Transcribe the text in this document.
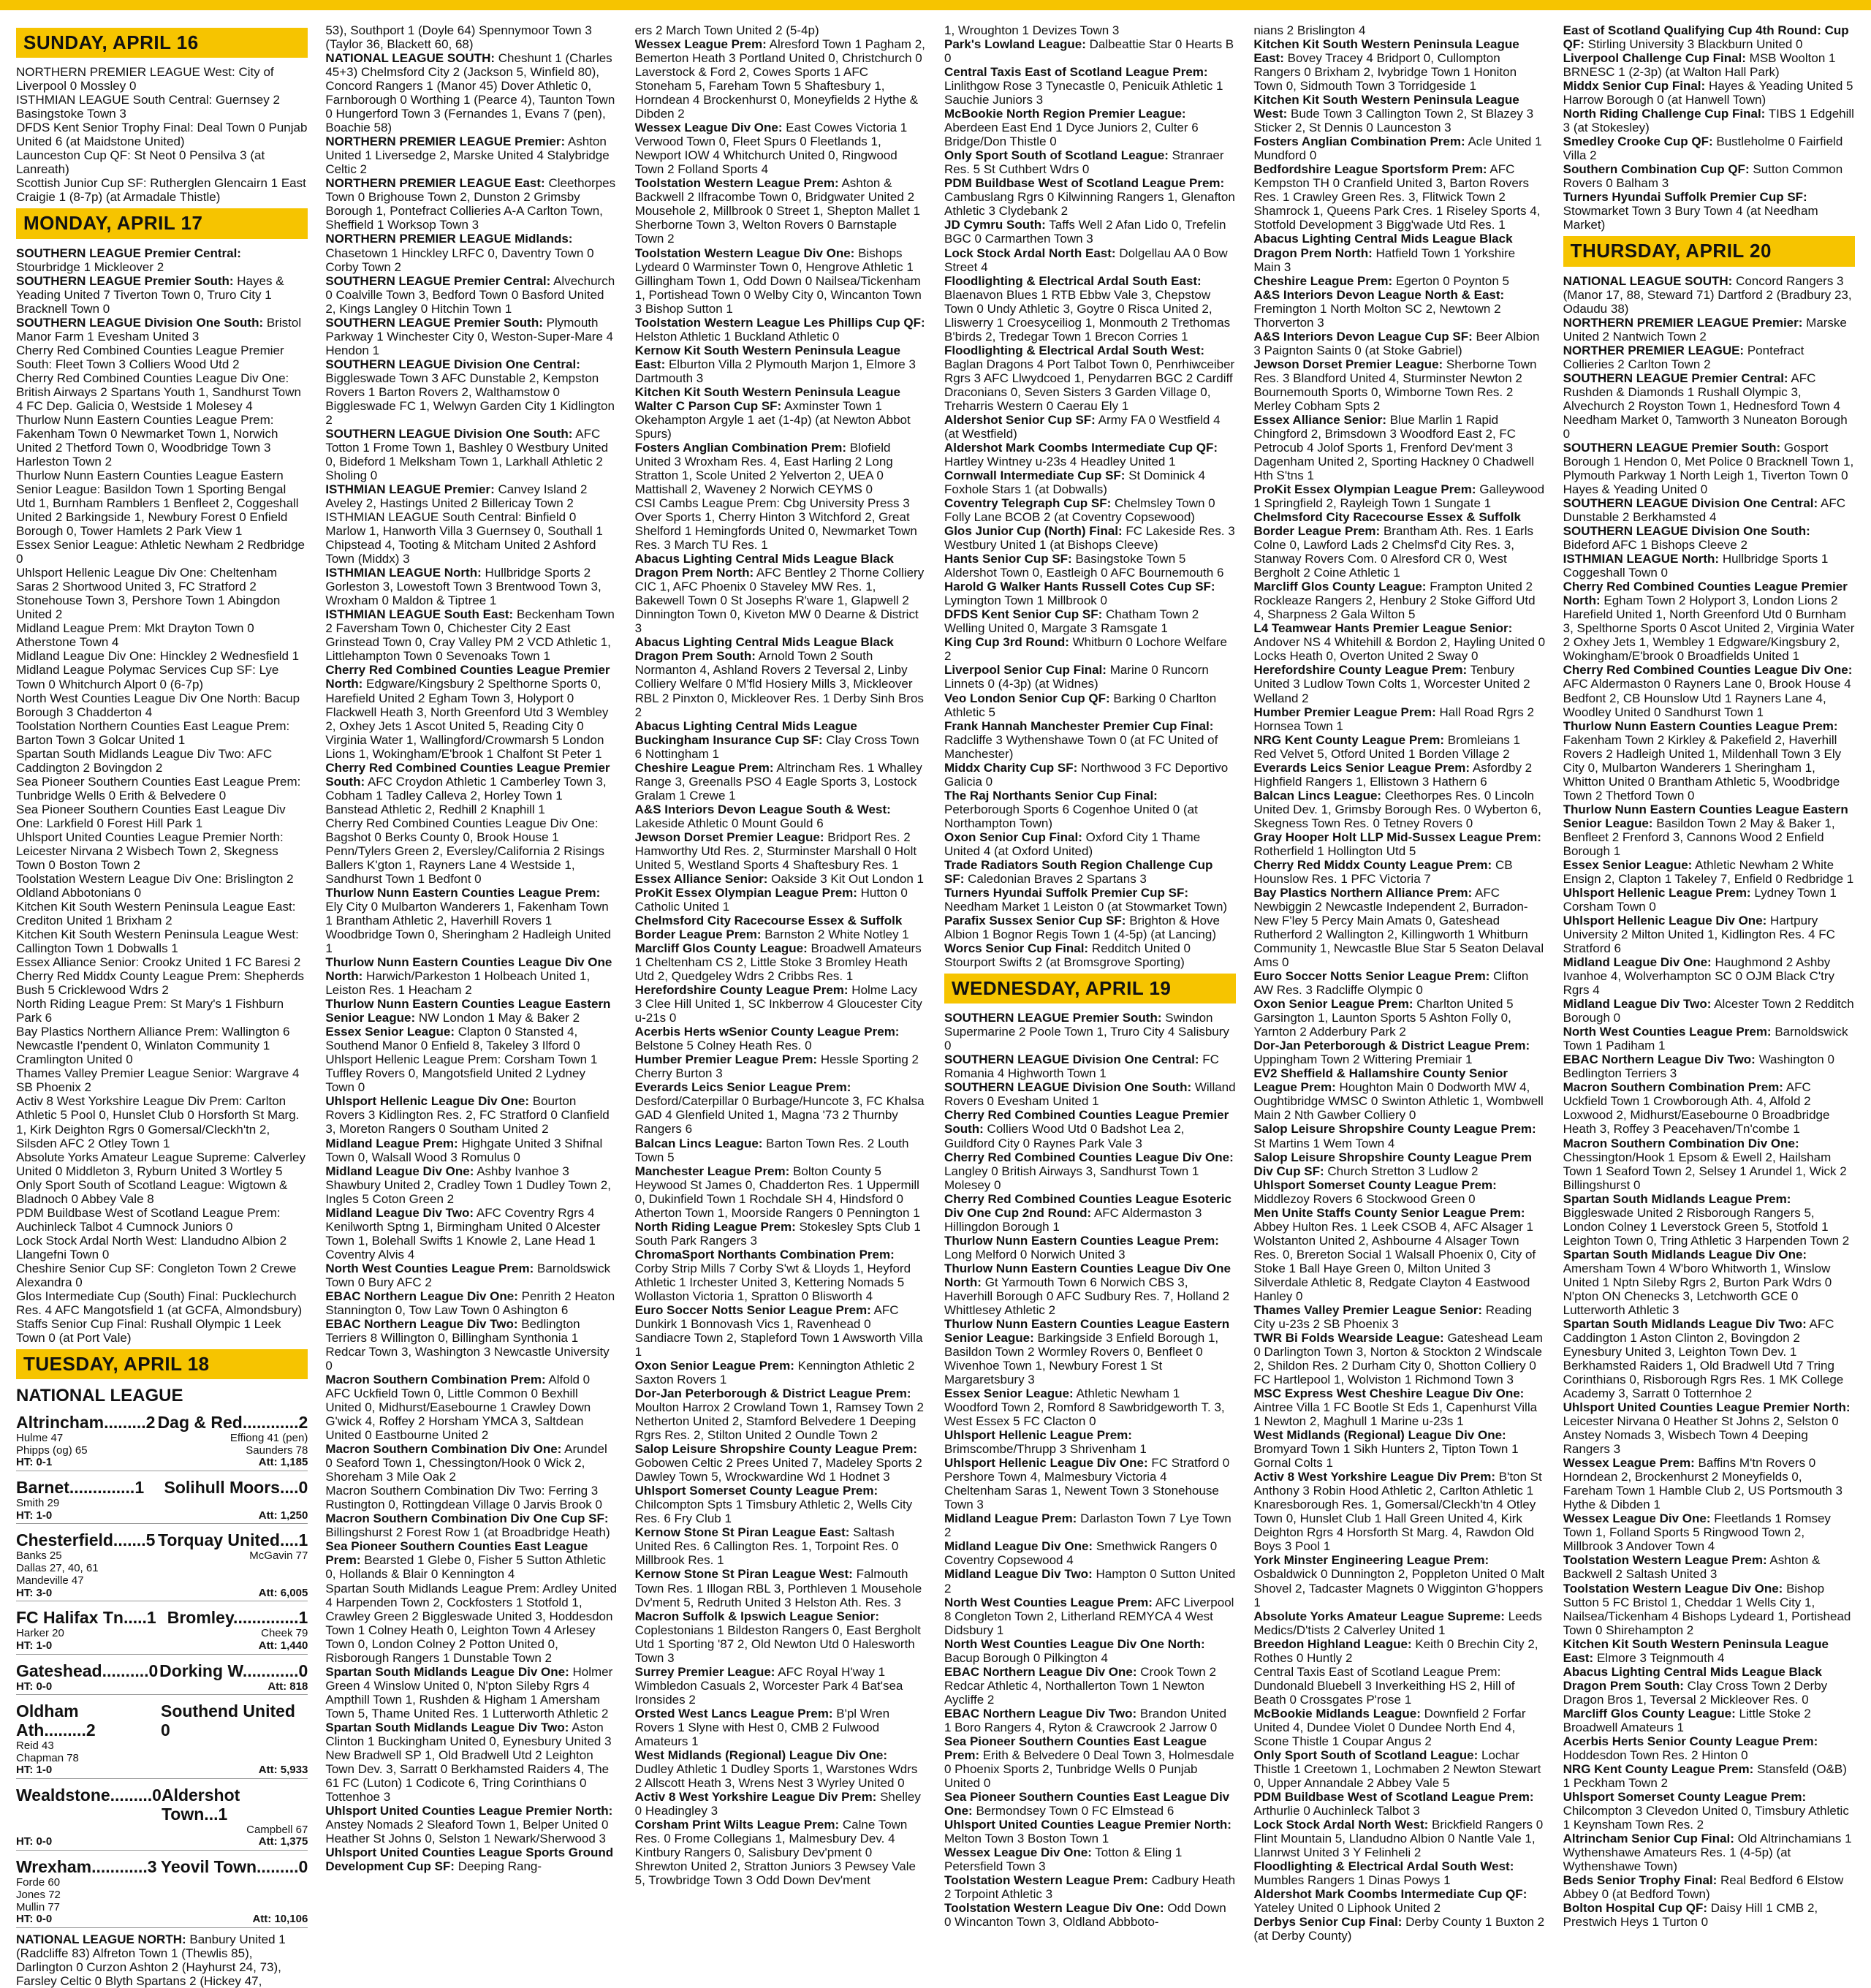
SUNDAY, APRIL 16

NORTHERN PREMIER LEAGUE West: City of Liverpool 0 Mossley 0

ISTHMIAN LEAGUE South Central: Guernsey 2 Basingstoke Town 3

DFDS Kent Senior Trophy Final: Deal Town 0 Punjab United 6 (at Maidstone United)

Launceston Cup QF: St Neot 0 Pensilva 3 (at Lanreath)

Scottish Junior Cup SF: Rutherglen Glencairn 1 East Craigie 1 (8-7p) (at Armadale Thistle)

MONDAY, APRIL 17

SOUTHERN LEAGUE Premier Central: Stourbridge 1 Mickleover 2

SOUTHERN LEAGUE Premier South: Hayes & Yeading United 7 Tiverton Town 0, Truro City 1 Bracknell Town 0

SOUTHERN LEAGUE Division One South: Bristol Manor Farm 1 Evesham United 3

Cherry Red Combined Counties League Premier South: Fleet Town 3 Colliers Wood Utd 2

Cherry Red Combined Counties League Div One: British Airways 2 Spartans Youth 1, Sandhurst Town 4 FC Dep. Galicia 0, Westside 1 Molesey 4

Thurlow Nunn Eastern Counties League Prem: Fakenham Town 0 Newmarket Town 1, Norwich United 2 Thetford Town 0, Woodbridge Town 3 Harleston Town 2

Thurlow Nunn Eastern Counties League Eastern Senior League: Basildon Town 1 Sporting Bengal Utd 1, Burnham Ramblers 1 Benfleet 2, Coggeshall United 2 Barkingside 1, Newbury Forest 0 Enfield Borough 0, Tower Hamlets 2 Park View 1

Essex Senior League: Athletic Newham 2 Redbridge 0

Uhlsport Hellenic League Div One: Cheltenham Saras 2 Shortwood United 3, FC Stratford 2 Stonehouse Town 3, Pershore Town 1 Abingdon United 2

Midland League Prem: Mkt Drayton Town 0 Atherstone Town 4

Midland League Div One: Hinckley 2 Wednesfield 1

Midland League Polymac Services Cup SF: Lye Town 0 Whitchurch Alport 0 (6-7p)

North West Counties League Div One North: Bacup Borough 3 Chadderton 4

Toolstation Northern Counties East League Prem: Barton Town 3 Golcar United 1

Spartan South Midlands League Div Two: AFC Caddington 2 Bovingdon 2

Sea Pioneer Southern Counties East League Prem: Tunbridge Wells 0 Erith & Belvedere 0

Sea Pioneer Southern Counties East League Div One: Larkfield 0 Forest Hill Park 1

Uhlsport United Counties League Premier North: Leicester Nirvana 2 Wisbech Town 2, Skegness Town 0 Boston Town 2

Toolstation Western League Div One: Brislington 2 Oldland Abbotonians 0

Kitchen Kit South Western Peninsula League East: Crediton United 1 Brixham 2

Kitchen Kit South Western Peninsula League West: Callington Town 1 Dobwalls 1

Essex Alliance Senior: Crookz United 1 FC Baresi 2

Cherry Red Middx County League Prem: Shepherds Bush 5 Cricklewood Wdrs 2

North Riding League Prem: St Mary's 1 Fishburn Park 6

Bay Plastics Northern Alliance Prem: Wallington 6 Newcastle I'pendent 0, Winlaton Community 1 Cramlington United 0

Thames Valley Premier League Senior: Wargrave 4 SB Phoenix 2

Activ 8 West Yorkshire League Div Prem: Carlton Athletic 5 Pool 0, Hunslet Club 0 Horsforth St Marg. 1, Kirk Deighton Rgrs 0 Gomersal/Cleckh'tn 2, Silsden AFC 2 Otley Town 1

Absolute Yorks Amateur League Supreme: Calverley United 0 Middleton 3, Ryburn United 3 Wortley 5

Only Sport South of Scotland League: Wigtown & Bladnoch 0 Abbey Vale 8

PDM Buildbase West of Scotland League Prem: Auchinleck Talbot 4 Cumnock Juniors 0

Lock Stock Ardal North West: Llandudno Albion 2 Llangefni Town 0

Cheshire Senior Cup SF: Congleton Town 2 Crewe Alexandra 0

Glos Intermediate Cup (South) Final: Pucklechurch Res. 4 AFC Mangotsfield 1 (at GCFA, Almondsbury)

Staffs Senior Cup Final: Rushall Olympic 1 Leek Town 0 (at Port Vale)

TUESDAY, APRIL 18
NATIONAL LEAGUE
Altrincham.........2 Dag & Red............2
Hulme 47
Phipps (og) 65
Effiong 41 (pen)
Saunders 78
HT: 0-1	Att: 1,185
Barnet..............1 Solihull Moors....0
Smith 29
HT: 1-0	Att: 1,250
Chesterfield.......5 Torquay United....1
Banks 25
Dallas 27, 40, 61
Mandeville 47
McGavin 77
HT: 3-0	Att: 6,005
FC Halifax Tn.....1 Bromley..............1
Harker 20	Cheek 79
HT: 1-0	Att: 1,440
Gateshead..........0 Dorking W............0
HT: 0-0	Att: 818
Oldham Ath.........2
Southend United 0
Reid 43
Chapman 78
HT: 1-0	Att: 5,933
Wealdstone.........0 Aldershot Town...1
Campbell 67
HT: 0-0	Att: 1,375
Wrexham............3 Yeovil Town.........0
Forde 60
Jones 72
Mullin 77
HT: 0-0	Att: 10,106

NATIONAL LEAGUE NORTH: Banbury United 1 (Radcliffe 83) Alfreton Town 1 (Thewlis 85), Darlington 0 Curzon Ashton 2 (Hayhurst 24, 73), Farsley Celtic 0 Blyth Spartans 2 (Hickey 47,

53), Southport 1 (Doyle 64) Spennymoor Town 3 (Taylor 36, Blackett 60, 68)

NATIONAL LEAGUE SOUTH: Cheshunt 1 (Charles 45+3) Chelmsford City 2 (Jackson 5, Winfield 80), Concord Rangers 1 (Manor 45) Dover Athletic 0, Farnborough 0 Worthing 1 (Pearce 4), Taunton Town 0 Hungerford Town 3 (Fernandes 1, Evans 7 (pen), Boachie 58)

NORTHERN PREMIER LEAGUE Premier: Ashton United 1 Liversedge 2, Marske United 4 Stalybridge Celtic 2

NORTHERN PREMIER LEAGUE East: Cleethorpes Town 0 Brighouse Town 2, Dunston 2 Grimsby Borough 1, Pontefract Collieries A-A Carlton Town, Sheffield 1 Worksop Town 3

NORTHERN PREMIER LEAGUE Midlands: Chasetown 1 Hinckley LRFC 0, Daventry Town 0 Corby Town 2

SOUTHERN LEAGUE Premier Central: Alvechurch 0 Coalville Town 3, Bedford Town 0 Basford United 2, Kings Langley 0 Hitchin Town 1

SOUTHERN LEAGUE Premier South: Plymouth Parkway 1 Winchester City 0, Weston-Super-Mare 4 Hendon 1

SOUTHERN LEAGUE Division One Central: Biggleswade Town 3 AFC Dunstable 2, Kempston Rovers 1 Barton Rovers 2, Walthamstow 0 Biggleswade FC 1, Welwyn Garden City 1 Kidlington 2

SOUTHERN LEAGUE Division One South: AFC Totton 1 Frome Town 1, Bashley 0 Westbury United 0, Bideford 1 Melksham Town 1, Larkhall Athletic 2 Sholing 0

ISTHMIAN LEAGUE Premier: Canvey Island 2 Aveley 2, Hastings United 2 Billericay Town 2

ISTHMIAN LEAGUE South Central: Binfield 0 Marlow 1, Hanworth Villa 3 Guernsey 0, Southall 1 Chipstead 4, Tooting & Mitcham United 2 Ashford Town (Middx) 3

ISTHMIAN LEAGUE North: Hullbridge Sports 2 Gorleston 3, Lowestoft Town 3 Brentwood Town 3, Wroxham 0 Maldon & Tiptree 1

ISTHMIAN LEAGUE South East: Beckenham Town 2 Faversham Town 0, Chichester City 2 East Grinstead Town 0, Cray Valley PM 2 VCD Athletic 1, Littlehampton Town 0 Sevenoaks Town 1

Cherry Red Combined Counties League Premier North: Edgware/Kingsbury 2 Spelthorne Sports 0, Harefield United 2 Egham Town 3, Holyport 0 Flackwell Heath 3, North Greenford Utd 3 Wembley 2, Oxhey Jets 1 Ascot United 5, Reading City 0 Virginia Water 1, Wallingford/Crowmarsh 5 London Lions 1, Wokingham/E'brook 1 Chalfont St Peter 1

Cherry Red Combined Counties League Premier South: AFC Croydon Athletic 1 Camberley Town 3, Cobham 1 Tadley Calleva 2, Horley Town 1 Banstead Athletic 2, Redhill 2 Knaphill 1

Cherry Red Combined Counties League Div One: Bagshot 0 Berks County 0, Brook House 1 Penn/Tylers Green 2, Eversley/California 2 Risings Ballers K'gton 1, Rayners Lane 4 Westside 1, Sandhurst Town 1 Bedfont 0

Thurlow Nunn Eastern Counties League Prem: Ely City 0 Mulbarton Wanderers 1, Fakenham Town 1 Brantham Athletic 2, Haverhill Rovers 1 Woodbridge Town 0, Sheringham 2 Hadleigh United 1

Thurlow Nunn Eastern Counties League Div One North: Harwich/Parkeston 1 Holbeach United 1, Leiston Res. 1 Heacham 2

Thurlow Nunn Eastern Counties League Eastern Senior League: NW London 1 May & Baker 2

Essex Senior League: Clapton 0 Stansted 4, Southend Manor 0 Enfield 8, Takeley 3 Ilford 0

Uhlsport Hellenic League Prem: Corsham Town 1 Tuffley Rovers 0, Mangotsfield United 2 Lydney Town 0

Uhlsport Hellenic League Div One: Bourton Rovers 3 Kidlington Res. 2, FC Stratford 0 Clanfield 3, Moreton Rangers 0 Southam United 2

Midland League Prem: Highgate United 3 Shifnal Town 0, Walsall Wood 3 Romulus 0

Midland League Div One: Ashby Ivanhoe 3 Shawbury United 2, Cradley Town 1 Dudley Town 2, Ingles 5 Coton Green 2

Midland League Div Two: AFC Coventry Rgrs 4 Kenilworth Sptng 1, Birmingham United 0 Alcester Town 1, Bolehall Swifts 1 Knowle 2, Lane Head 1 Coventry Alvis 4

North West Counties League Prem: Barnoldswick Town 0 Bury AFC 2

EBAC Northern League Div One: Penrith 2 Heaton Stannington 0, Tow Law Town 0 Ashington 6

EBAC Northern League Div Two: Bedlington Terriers 8 Willington 0, Billingham Synthonia 1 Redcar Town 3, Washington 3 Newcastle University 0

Macron Southern Combination Prem: Alfold 0 AFC Uckfield Town 0, Little Common 0 Bexhill United 0, Midhurst/Easebourne 1 Crawley Down G'wick 4, Roffey 2 Horsham YMCA 3, Saltdean United 0 Eastbourne United 2

Macron Southern Combination Div One: Arundel 0 Seaford Town 1, Chessington/Hook 0 Wick 2, Shoreham 3 Mile Oak 2

Macron Southern Combination Div Two: Ferring 3 Rustington 0, Rottingdean Village 0 Jarvis Brook 0

Macron Southern Combination Div One Cup SF: Billingshurst 2 Forest Row 1 (at Broadbridge Heath)

Sea Pioneer Southern Counties East League Prem: Bearsted 1 Glebe 0, Fisher 5 Sutton Athletic 0, Hollands & Blair 0 Kennington 4

Spartan South Midlands League Prem: Ardley United 4 Harpenden Town 2, Cockfosters 1 Stotfold 1, Crawley Green 2 Biggleswade United 3, Hoddesdon Town 1 Colney Heath 0, Leighton Town 4 Arlesey Town 0, London Colney 2 Potton United 0, Risborough Rangers 1 Dunstable Town 2

Spartan South Midlands League Div One: Holmer Green 4 Winslow United 0, N'pton Sileby Rgrs 4 Ampthill Town 1, Rushden & Higham 1 Amersham Town 5, Thame United Res. 1 Lutterworth Athletic 2

Spartan South Midlands League Div Two: Aston Clinton 1 Buckingham United 0, Eynesbury United 3 New Bradwell SP 1, Old Bradwell Utd 2 Leighton Town Dev. 3, Sarratt 0 Berkhamsted Raiders 4, The 61 FC (Luton) 1 Codicote 6, Tring Corinthians 0 Tottenhoe 3

Uhlsport United Counties League Premier North: Anstey Nomads 2 Sleaford Town 1, Belper United 0 Heather St Johns 0, Selston 1 Newark/Sherwood 3

Uhlsport United Counties League Sports Ground Development Cup SF: Deeping Rang-

ers 2 March Town United 2 (5-4p)

Wessex League Prem: Alresford Town 1 Pagham 2, Bemerton Heath 3 Portland United 0, Christchurch 0 Laverstock & Ford 2, Cowes Sports 1 AFC Stoneham 5, Fareham Town 5 Shaftesbury 1, Horndean 4 Brockenhurst 0, Moneyfields 2 Hythe & Dibden 2

Wessex League Div One: East Cowes Victoria 1 Verwood Town 0, Fleet Spurs 0 Fleetlands 1, Newport IOW 4 Whitchurch United 0, Ringwood Town 2 Folland Sports 4

Toolstation Western League Prem: Ashton & Backwell 2 Ilfracombe Town 0, Bridgwater United 2 Mousehole 2, Millbrook 0 Street 1, Shepton Mallet 1 Sherborne Town 3, Welton Rovers 0 Barnstaple Town 2

Toolstation Western League Div One: Bishops Lydeard 0 Warminster Town 0, Hengrove Athletic 1 Gillingham Town 1, Odd Down 0 Nailsea/Tickenham 1, Portishead Town 0 Welby City 0, Wincanton Town 3 Bishop Sutton 1

Toolstation Western League Les Phillips Cup QF: Helston Athletic 1 Buckland Athletic 0

Kernow Kit South Western Peninsula League East: Elburton Villa 2 Plymouth Marjon 1, Elmore 3 Dartmouth 3

Kitchen Kit South Western Peninsula League Walter C Parson Cup SF: Axminster Town 1 Okehampton Argyle 1 aet (1-4p) (at Newton Abbot Spurs)

Fosters Anglian Combination Prem: Blofield United 3 Wroxham Res. 4, East Harling 2 Long Stratton 1, Scole United 2 Yelverton 2, UEA 0 Mattishall 2, Waveney 2 Norwich CEYMS 0

CSI Cambs League Prem: Cbg University Press 3 Over Sports 1, Cherry Hinton 3 Witchford 2, Great Shelford 1 Hemingfords United 0, Newmarket Town Res. 3 March TU Res. 1

Abacus Lighting Central Mids League Black Dragon Prem North: AFC Bentley 2 Thorne Colliery CIC 1, AFC Phoenix 0 Staveley MW Res. 1, Bakewell Town 0 St Josephs R'ware 1, Glapwell 2 Dinnington Town 0, Kiveton MW 0 Dearne & District 3

Abacus Lighting Central Mids League Black Dragon Prem South: Arnold Town 2 South Normanton 4, Ashland Rovers 2 Teversal 2, Linby Colliery Welfare 0 M'fld Hosiery Mills 3, Mickleover RBL 2 Pinxton 0, Mickleover Res. 1 Derby Sinh Bros 2

Abacus Lighting Central Mids League Buckingham Insurance Cup SF: Clay Cross Town 6 Nottingham 1

Cheshire League Prem: Altrincham Res. 1 Whalley Range 3, Greenalls PSO 4 Eagle Sports 3, Lostock Gralam 1 Crewe 1

A&S Interiors Devon League South & West: Lakeside Athletic 0 Mount Gould 6

Jewson Dorset Premier League: Bridport Res. 2 Hamworthy Utd Res. 2, Sturminster Marshall 0 Holt United 5, Westland Sports 4 Shaftesbury Res. 1

Essex Alliance Senior: Oakside 3 Kit Out London 1

ProKit Essex Olympian League Prem: Hutton 0 Catholic United 1

Chelmsford City Racecourse Essex & Suffolk Border League Prem: Barnston 2 White Notley 1

Marcliff Glos County League: Broadwell Amateurs 1 Cheltenham CS 2, Little Stoke 3 Bromley Heath Utd 2, Quedgeley Wdrs 2 Cribbs Res. 1

Herefordshire County League Prem: Holme Lacy 3 Clee Hill United 1, SC Inkberrow 4 Gloucester City u-21s 0

Acerbis Herts wSenior County League Prem: Belstone 5 Colney Heath Res. 0

Humber Premier League Prem: Hessle Sporting 2 Cherry Burton 3

Everards Leics Senior League Prem: Desford/Caterpillar 0 Burbage/Huncote 3, FC Khalsa GAD 4 Glenfield United 1, Magna '73 2 Thurnby Rangers 6

Balcan Lincs League: Barton Town Res. 2 Louth Town 5

Manchester League Prem: Bolton County 5 Heywood St James 0, Chadderton Res. 1 Uppermill 0, Dukinfield Town 1 Rochdale SH 4, Hindsford 0 Atherton Town 1, Moorside Rangers 0 Pennington 1

North Riding League Prem: Stokesley Spts Club 1 South Park Rangers 3

ChromaSport Northants Combination Prem: Corby Strip Mills 7 Corby S'wt & Lloyds 1, Heyford Athletic 1 Irchester United 3, Kettering Nomads 5 Wollaston Victoria 1, Spratton 0 Blisworth 4

Euro Soccer Notts Senior League Prem: AFC Dunkirk 1 Bonnovash Vics 1, Ravenhead 0 Sandiacre Town 2, Stapleford Town 1 Awsworth Villa 1

Oxon Senior League Prem: Kennington Athletic 2 Saxton Rovers 1

Dor-Jan Peterborough & District League Prem: Moulton Harrox 2 Crowland Town 1, Ramsey Town 2 Netherton United 2, Stamford Belvedere 1 Deeping Rgrs Res. 2, Stilton United 2 Oundle Town 2

Salop Leisure Shropshire County League Prem: Gobowen Celtic 2 Prees United 7, Madeley Sports 2 Dawley Town 5, Wrockwardine Wd 1 Hodnet 3

Uhlsport Somerset County League Prem: Chilcompton Spts 1 Timsbury Athletic 2, Wells City Res. 6 Fry Club 1

Kernow Stone St Piran League East: Saltash United Res. 6 Callington Res. 1, Torpoint Res. 0 Millbrook Res. 1

Kernow Stone St Piran League West: Falmouth Town Res. 1 Illogan RBL 3, Porthleven 1 Mousehole Dv'ment 5, Redruth United 3 Helston Ath. Res. 3

Macron Suffolk & Ipswich League Senior: Coplestonians 1 Bildeston Rangers 0, East Bergholt Utd 1 Sporting '87 2, Old Newton Utd 0 Halesworth Town 3

Surrey Premier League: AFC Royal H'way 1 Wimbledon Casuals 2, Worcester Park 4 Bat'sea Ironsides 2

Orsted West Lancs League Prem: B'pl Wren Rovers 1 Slyne with Hest 0, CMB 2 Fulwood Amateurs 1

West Midlands (Regional) League Div One: Dudley Athletic 1 Dudley Sports 1, Warstones Wdrs 2 Allscott Heath 3, Wrens Nest 3 Wyrley United 0

Activ 8 West Yorkshire League Div Prem: Shelley 0 Headingley 3

Corsham Print Wilts League Prem: Calne Town Res. 0 Frome Collegians 1, Malmesbury Dev. 4 Kintbury Rangers 0, Salisbury Dev'pment 0 Shrewton United 2, Stratton Juniors 3 Pewsey Vale 5, Trowbridge Town 3 Odd Down Dev'ment

1, Wroughton 1 Devizes Town 3

Park's Lowland League: Dalbeattie Star 0 Hearts B 0

Central Taxis East of Scotland League Prem: Linlithgow Rose 3 Tynecastle 0, Penicuik Athletic 1 Sauchie Juniors 3

McBookie North Region Premier League: Aberdeen East End 1 Dyce Juniors 2, Culter 6 Bridge/Don Thistle 0

Only Sport South of Scotland League: Stranraer Res. 5 St Cuthbert Wdrs 0

PDM Buildbase West of Scotland League Prem: Cambuslang Rgrs 0 Kilwinning Rangers 1, Glenafton Athletic 3 Clydebank 2

JD Cymru South: Taffs Well 2 Afan Lido 0, Trefelin BGC 0 Carmarthen Town 3

Lock Stock Ardal North East: Dolgellau AA 0 Bow Street 4

Floodlighting & Electrical Ardal South East: Blaenavon Blues 1 RTB Ebbw Vale 3, Chepstow Town 0 Undy Athletic 3, Goytre 0 Risca United 2, Lliswerry 1 Croesyceiliog 1, Monmouth 2 Trethomas B'birds 2, Tredegar Town 1 Brecon Corries 1

Floodlighting & Electrical Ardal South West: Baglan Dragons 4 Port Talbot Town 0, Penrhiwceiber Rgrs 3 AFC Llwydcoed 1, Penydarren BGC 2 Cardiff Draconians 0, Seven Sisters 3 Garden Village 0, Treharris Western 0 Caerau Ely 1

Aldershot Senior Cup SF: Army FA 0 Westfield 4 (at Westfield)

Aldershot Mark Coombs Intermediate Cup QF: Hartley Wintney u-23s 4 Headley United 1

Cornwall Intermediate Cup SF: St Dominick 4 Foxhole Stars 1 (at Dobwalls)

Coventry Telegraph Cup SF: Chelmsley Town 0 Folly Lane BCOB 2 (at Coventry Copsewood)

Glos Junior Cup (North) Final: FC Lakeside Res. 3 Westbury United 1 (at Bishops Cleeve)

Hants Senior Cup SF: Basingstoke Town 5 Aldershot Town 0, Eastleigh 0 AFC Bournemouth 6

Harold G Walker Hants Russell Cotes Cup SF: Lymington Town 1 Millbrook 0

DFDS Kent Senior Cup SF: Chatham Town 2 Welling United 0, Margate 3 Ramsgate 1

King Cup 3rd Round: Whitburn 0 Lochore Welfare 2

Liverpool Senior Cup Final: Marine 0 Runcorn Linnets 0 (4-3p) (at Widnes)

Veo London Senior Cup QF: Barking 0 Charlton Athletic 5

Frank Hannah Manchester Premier Cup Final: Radcliffe 3 Wythenshawe Town 0 (at FC United of Manchester)

Middx Charity Cup SF: Northwood 3 FC Deportivo Galicia 0

The Raj Northants Senior Cup Final: Peterborough Sports 6 Cogenhoe United 0 (at Northampton Town)

Oxon Senior Cup Final: Oxford City 1 Thame United 4 (at Oxford United)

Trade Radiators South Region Challenge Cup SF: Caledonian Braves 2 Spartans 3

Turners Hyundai Suffolk Premier Cup SF: Needham Market 1 Leiston 0 (at Stowmarket Town)

Parafix Sussex Senior Cup SF: Brighton & Hove Albion 1 Bognor Regis Town 1 (4-5p) (at Lancing)

Worcs Senior Cup Final: Redditch United 0 Stourport Swifts 2 (at Bromsgrove Sporting)

WEDNESDAY, APRIL 19

SOUTHERN LEAGUE Premier South: Swindon Supermarine 2 Poole Town 1, Truro City 4 Salisbury 0

SOUTHERN LEAGUE Division One Central: FC Romania 4 Highworth Town 1

SOUTHERN LEAGUE Division One South: Willand Rovers 0 Evesham United 1

Cherry Red Combined Counties League Premier South: Colliers Wood Utd 0 Badshot Lea 2, Guildford City 0 Raynes Park Vale 3

Cherry Red Combined Counties League Div One: Langley 0 British Airways 3, Sandhurst Town 1 Molesey 0

Cherry Red Combined Counties League Esoteric Div One Cup 2nd Round: AFC Aldermaston 3 Hillingdon Borough 1

Thurlow Nunn Eastern Counties League Prem: Long Melford 0 Norwich United 3

Thurlow Nunn Eastern Counties League Div One North: Gt Yarmouth Town 6 Norwich CBS 3, Haverhill Borough 0 AFC Sudbury Res. 7, Holland 2 Whittlesey Athletic 2

Thurlow Nunn Eastern Counties League Eastern Senior League: Barkingside 3 Enfield Borough 1, Basildon Town 2 Wormley Rovers 0, Benfleet 0 Wivenhoe Town 1, Newbury Forest 1 St Margaretsbury 3

Essex Senior League: Athletic Newham 1 Woodford Town 2, Romford 8 Sawbridgeworth T. 3, West Essex 5 FC Clacton 0

Uhlsport Hellenic League Prem: Brimscombe/Thrupp 3 Shrivenham 1

Uhlsport Hellenic League Div One: FC Stratford 0 Pershore Town 4, Malmesbury Victoria 4 Cheltenham Saras 1, Newent Town 3 Stonehouse Town 3

Midland League Prem: Darlaston Town 7 Lye Town 2

Midland League Div One: Smethwick Rangers 0 Coventry Copsewood 4

Midland League Div Two: Hampton 0 Sutton United 2

North West Counties League Prem: AFC Liverpool 8 Congleton Town 2, Litherland REMYCA 4 West Didsbury 1

North West Counties League Div One North: Bacup Borough 0 Pilkington 4

EBAC Northern League Div One: Crook Town 2 Redcar Athletic 4, Northallerton Town 1 Newton Aycliffe 2

EBAC Northern League Div Two: Brandon United 1 Boro Rangers 4, Ryton & Crawcrook 2 Jarrow 0

Sea Pioneer Southern Counties East League Prem: Erith & Belvedere 0 Deal Town 3, Holmesdale 0 Phoenix Sports 2, Tunbridge Wells 0 Punjab United 0

Sea Pioneer Southern Counties East League Div One: Bermondsey Town 0 FC Elmstead 6

Uhlsport United Counties League Premier North: Melton Town 3 Boston Town 1

Wessex League Div One: Totton & Eling 1 Petersfield Town 3

Toolstation Western League Prem: Cadbury Heath 2 Torpoint Athletic 3

Toolstation Western League Div One: Odd Down 0 Wincanton Town 3, Oldland Abbboto-

nians 2 Brislington 4

Kitchen Kit South Western Peninsula League East: Bovey Tracey 4 Bridport 0, Cullompton Rangers 0 Brixham 2, Ivybridge Town 1 Honiton Town 0, Sidmouth Town 3 Torridgeside 1

Kitchen Kit South Western Peninsula League West: Bude Town 3 Callington Town 2, St Blazey 3 Sticker 2, St Dennis 0 Launceston 3

Fosters Anglian Combination Prem: Acle United 1 Mundford 0

Bedfordshire League Sportsform Prem: AFC Kempston TH 0 Cranfield United 3, Barton Rovers Res. 1 Crawley Green Res. 3, Flitwick Town 2 Shamrock 1, Queens Park Cres. 1 Riseley Sports 4, Stotfold Development 3 Bigg'wade Utd Res. 1

Abacus Lighting Central Mids League Black Dragon Prem North: Hatfield Town 1 Yorkshire Main 3

Cheshire League Prem: Egerton 0 Poynton 5

A&S Interiors Devon League North & East: Fremington 1 North Molton SC 2, Newtown 2 Thorverton 3

A&S Interiors Devon League Cup SF: Beer Albion 3 Paignton Saints 0 (at Stoke Gabriel)

Jewson Dorset Premier League: Sherborne Town Res. 3 Blandford United 4, Sturminster Newton 2 Bournemouth Sports 0, Wimborne Town Res. 2 Merley Cobham Spts 2

Essex Alliance Senior: Blue Marlin 1 Rapid Chingford 2, Brimsdown 3 Woodford East 2, FC Petrocub 4 Jolof Sports 1, Frenford Dev'ment 3 Dagenham United 2, Sporting Hackney 0 Chadwell Hth S'tns 1

ProKit Essex Olympian League Prem: Galleywood 1 Springfield 2, Rayleigh Town 1 Sungate 1

Chelmsford City Racecourse Essex & Suffolk Border League Prem: Brantham Ath. Res. 1 Earls Colne 0, Lawford Lads 2 Chelmsf'd City Res. 3, Stanway Rovers Com. 0 Alresford CR 0, West Bergholt 2 Coine Athletic 1

Marcliff Glos County League: Frampton United 2 Rockleaze Rangers 2, Henbury 2 Stoke Gifford Utd 4, Sharpness 2 Gala Wilton 5

L4 Teamwear Hants Premier League Senior: Andover NS 4 Whitehill & Bordon 2, Hayling United 0 Locks Heath 0, Overton United 2 Sway 0

Herefordshire County League Prem: Tenbury United 3 Ludlow Town Colts 1, Worcester United 2 Welland 2

Humber Premier League Prem: Hall Road Rgrs 2 Hornsea Town 1

NRG Kent County League Prem: Bromleians 1 Red Velvet 5, Otford United 1 Borden Village 2

Everards Leics Senior League Prem: Asfordby 2 Highfield Rangers 1, Ellistown 3 Hathern 6

Balcan Lincs League: Cleethorpes Res. 0 Lincoln United Dev. 1, Grimsby Borough Res. 0 Wyberton 6, Skegness Town Res. 0 Tetney Rovers 0

Gray Hooper Holt LLP Mid-Sussex League Prem: Rotherfield 1 Hollington Utd 5

Cherry Red Middx County League Prem: CB Hounslow Res. 1 PFC Victoria 7

Bay Plastics Northern Alliance Prem: AFC Newbiggin 2 Newcastle Independent 2, Burradon-New F'ley 5 Percy Main Amats 0, Gateshead Rutherford 2 Wallington 2, Killingworth 1 Whitburn Community 1, Newcastle Blue Star 5 Seaton Delaval Ams 0

Euro Soccer Notts Senior League Prem: Clifton AW Res. 3 Radcliffe Olympic 0

Oxon Senior League Prem: Charlton United 5 Garsington 1, Launton Sports 5 Ashton Folly 0, Yarnton 2 Adderbury Park 2

Dor-Jan Peterborough & District League Prem: Uppingham Town 2 Wittering Premiair 1

EV2 Sheffield & Hallamshire County Senior League Prem: Houghton Main 0 Dodworth MW 4, Oughtibridge WMSC 0 Swinton Athletic 1, Wombwell Main 2 Nth Gawber Colliery 0

Salop Leisure Shropshire County League Prem: St Martins 1 Wem Town 4

Salop Leisure Shropshire County League Prem Div Cup SF: Church Stretton 3 Ludlow 2

Uhlsport Somerset County League Prem: Middlezoy Rovers 6 Stockwood Green 0

Men Unite Staffs County Senior League Prem: Abbey Hulton Res. 1 Leek CSOB 4, AFC Alsager 1 Wolstanton United 2, Ashbourne 4 Alsager Town Res. 0, Brereton Social 1 Walsall Phoenix 0, City of Stoke 1 Ball Haye Green 0, Milton United 3 Silverdale Athletic 8, Redgate Clayton 4 Eastwood Hanley 0

Thames Valley Premier League Senior: Reading City u-23s 2 SB Phoenix 3

TWR Bi Folds Wearside League: Gateshead Leam 0 Darlington Town 3, Norton & Stockton 2 Windscale 2, Shildon Res. 2 Durham City 0, Shotton Colliery 0 FC Hartlepool 1, Wolviston 1 Richmond Town 3

MSC Express West Cheshire League Div One: Aintree Villa 1 FC Bootle St Eds 1, Capenhurst Villa 1 Newton 2, Maghull 1 Marine u-23s 1

West Midlands (Regional) League Div One: Bromyard Town 1 Sikh Hunters 2, Tipton Town 1 Gornal Colts 1

Activ 8 West Yorkshire League Div Prem: B'ton St Anthony 3 Robin Hood Athletic 2, Carlton Athletic 1 Knaresborough Res. 1, Gomersal/Cleckh'tn 4 Otley Town 0, Hunslet Club 1 Hall Green United 4, Kirk Deighton Rgrs 4 Horsforth St Marg. 4, Rawdon Old Boys 3 Pool 1

York Minster Engineering League Prem: Osbaldwick 0 Dunnington 2, Poppleton United 0 Malt Shovel 2, Tadcaster Magnets 0 Wigginton G'hoppers 1

Absolute Yorks Amateur League Supreme: Leeds Medics/D'tists 2 Calverley United 1

Breedon Highland League: Keith 0 Brechin City 2, Rothes 0 Huntly 2

Central Taxis East of Scotland League Prem: Dundonald Bluebell 3 Inverkeithing HS 2, Hill of Beath 0 Crossgates P'rose 1

McBookie Midlands League: Downfield 2 Forfar United 4, Dundee Violet 0 Dundee North End 4, Scone Thistle 1 Coupar Angus 2

Only Sport South of Scotland League: Lochar Thistle 1 Creetown 1, Lochmaben 2 Newton Stewart 0, Upper Annandale 2 Abbey Vale 5

PDM Buildbase West of Scotland League Prem: Arthurlie 0 Auchinleck Talbot 3

Lock Stock Ardal North West: Brickfield Rangers 0 Flint Mountain 5, Llandudno Albion 0 Nantle Vale 1, Llanrwst United 3 Y Felinheli 2

Floodlighting & Electrical Ardal South West: Mumbles Rangers 1 Dinas Powys 1

Aldershot Mark Coombs Intermediate Cup QF: Yateley United 0 Liphook United 2

Derbys Senior Cup Final: Derby County 1 Buxton 2 (at Derby County)

East of Scotland Qualifying Cup 4th Round: Cup QF: Stirling University 3 Blackburn United 0

Liverpool Challenge Cup Final: MSB Woolton 1 BRNESC 1 (2-3p) (at Walton Hall Park)

Middx Senior Cup Final: Hayes & Yeading United 5 Harrow Borough 0 (at Hanwell Town)

North Riding Challenge Cup Final: TIBS 1 Edgehill 3 (at Stokesley)

Smedley Crooke Cup QF: Bustleholme 0 Fairfield Villa 2

Southern Combination Cup QF: Sutton Common Rovers 0 Balham 3

Turners Hyundai Suffolk Premier Cup SF: Stowmarket Town 3 Bury Town 4 (at Needham Market)

THURSDAY, APRIL 20

NATIONAL LEAGUE SOUTH: Concord Rangers 3 (Manor 17, 88, Steward 71) Dartford 2 (Bradbury 23, Odaudu 38)

NORTHERN PREMIER LEAGUE Premier: Marske United 2 Nantwich Town 2

NORTHER PREMIER LEAGUE: Pontefract Collieries 2 Carlton Town 2

SOUTHERN LEAGUE Premier Central: AFC Rushden & Diamonds 1 Rushall Olympic 3, Alvechurch 2 Royston Town 1, Hednesford Town 4 Needham Market 0, Tamworth 3 Nuneaton Borough 0

SOUTHERN LEAGUE Premier South: Gosport Borough 1 Hendon 0, Met Police 0 Bracknell Town 1, Plymouth Parkway 1 North Leigh 1, Tiverton Town 0 Hayes & Yeading United 0

SOUTHERN LEAGUE Division One Central: AFC Dunstable 2 Berkhamsted 4

SOUTHERN LEAGUE Division One South: Bideford AFC 1 Bishops Cleeve 2

ISTHMIAN LEAGUE North: Hullbridge Sports 1 Coggeshall Town 0

Cherry Red Combined Counties League Premier North: Egham Town 2 Holyport 3, London Lions 2 Harefield United 1, North Greenford Utd 0 Burnham 3, Spelthorne Sports 0 Ascot United 2, Virginia Water 2 Oxhey Jets 1, Wembley 1 Edgware/Kingsbury 2, Wokingham/E'brook 0 Broadfields United 1

Cherry Red Combined Counties League Div One: AFC Aldermaston 0 Rayners Lane 0, Brook House 4 Bedfont 2, CB Hounslow Utd 1 Rayners Lane 4, Woodley United 0 Sandhurst Town 1

Thurlow Nunn Eastern Counties League Prem: Fakenham Town 2 Kirkley & Pakefield 2, Haverhill Rovers 2 Hadleigh United 1, Mildenhall Town 3 Ely City 0, Mulbarton Wanderers 1 Sheringham 1, Whitton United 0 Brantham Athletic 5, Woodbridge Town 2 Thetford Town 0

Thurlow Nunn Eastern Counties League Eastern Senior League: Basildon Town 2 May & Baker 1, Benfleet 2 Frenford 3, Cannons Wood 2 Enfield Borough 1

Essex Senior League: Athletic Newham 2 White Ensign 2, Clapton 1 Takeley 7, Enfield 0 Redbridge 1

Uhlsport Hellenic League Prem: Lydney Town 1 Corsham Town 0

Uhlsport Hellenic League Div One: Hartpury University 2 Milton United 1, Kidlington Res. 4 FC Stratford 6

Midland League Div One: Haughmond 2 Ashby Ivanhoe 4, Wolverhampton SC 0 OJM Black C'try Rgrs 4

Midland League Div Two: Alcester Town 2 Redditch Borough 0

North West Counties League Prem: Barnoldswick Town 1 Padiham 1

EBAC Northern League Div Two: Washington 0 Bedlington Terriers 3

Macron Southern Combination Prem: AFC Uckfield Town 1 Crowborough Ath. 4, Alfold 2 Loxwood 2, Midhurst/Easebourne 0 Broadbridge Heath 3, Roffey 3 Peacehaven/Tn'combe 1

Macron Southern Combination Div One: Chessington/Hook 1 Epsom & Ewell 2, Hailsham Town 1 Seaford Town 2, Selsey 1 Arundel 1, Wick 2 Billingshurst 0

Spartan South Midlands League Prem: Biggleswade United 2 Risborough Rangers 5, London Colney 1 Leverstock Green 5, Stotfold 1 Leighton Town 0, Tring Athletic 3 Harpenden Town 2

Spartan South Midlands League Div One: Amersham Town 4 W'boro Whitworth 1, Winslow United 1 Nptn Sileby Rgrs 2, Burton Park Wdrs 0 N'pton ON Chenecks 3, Letchworth GCE 0 Lutterworth Athletic 3

Spartan South Midlands League Div Two: AFC Caddington 1 Aston Clinton 2, Bovingdon 2 Eynesbury United 3, Leighton Town Dev. 1 Berkhamsted Raiders 1, Old Bradwell Utd 7 Tring Corinthians 0, Risborough Rgrs Res. 1 MK College Academy 3, Sarratt 0 Totternhoe 2

Uhlsport United Counties League Premier North: Leicester Nirvana 0 Heather St Johns 2, Selston 0 Anstey Nomads 3, Wisbech Town 4 Deeping Rangers 3

Wessex League Prem: Baffins M'tn Rovers 0 Horndean 2, Brockenhurst 2 Moneyfields 0, Fareham Town 1 Hamble Club 2, US Portsmouth 3 Hythe & Dibden 1

Wessex League Div One: Fleetlands 1 Romsey Town 1, Folland Sports 5 Ringwood Town 2, Millbrook 3 Andover Town 4

Toolstation Western League Prem: Ashton & Backwell 2 Saltash United 3

Toolstation Western League Div One: Bishop Sutton 5 FC Bristol 1, Cheddar 1 Wells City 1, Nailsea/Tickenham 4 Bishops Lydeard 1, Portishead Town 0 Shirehampton 2

Kitchen Kit South Western Peninsula League East: Elmore 3 Teignmouth 4

Abacus Lighting Central Mids League Black Dragon Prem South: Clay Cross Town 2 Derby Dragon Bros 1, Teversal 2 Mickleover Res. 0

Marcliff Glos County League: Little Stoke 2 Broadwell Amateurs 1

Acerbis Herts Senior County League Prem: Hoddesdon Town Res. 2 Hinton 0

NRG Kent County League Prem: Stansfeld (O&B) 1 Peckham Town 2

Uhlsport Somerset County League Prem: Chilcompton 3 Clevedon United 0, Timsbury Athletic 1 Keynsham Town Res. 2

Altrincham Senior Cup Final: Old Altrinchamians 1 Wythenshawe Amateurs Res. 1 (4-5p) (at Wythenshawe Town)

Beds Senior Trophy Final: Real Bedford 6 Elstow Abbey 0 (at Bedford Town)

Bolton Hospital Cup QF: Daisy Hill 1 CMB 2, Prestwich Heys 1 Turton 0
